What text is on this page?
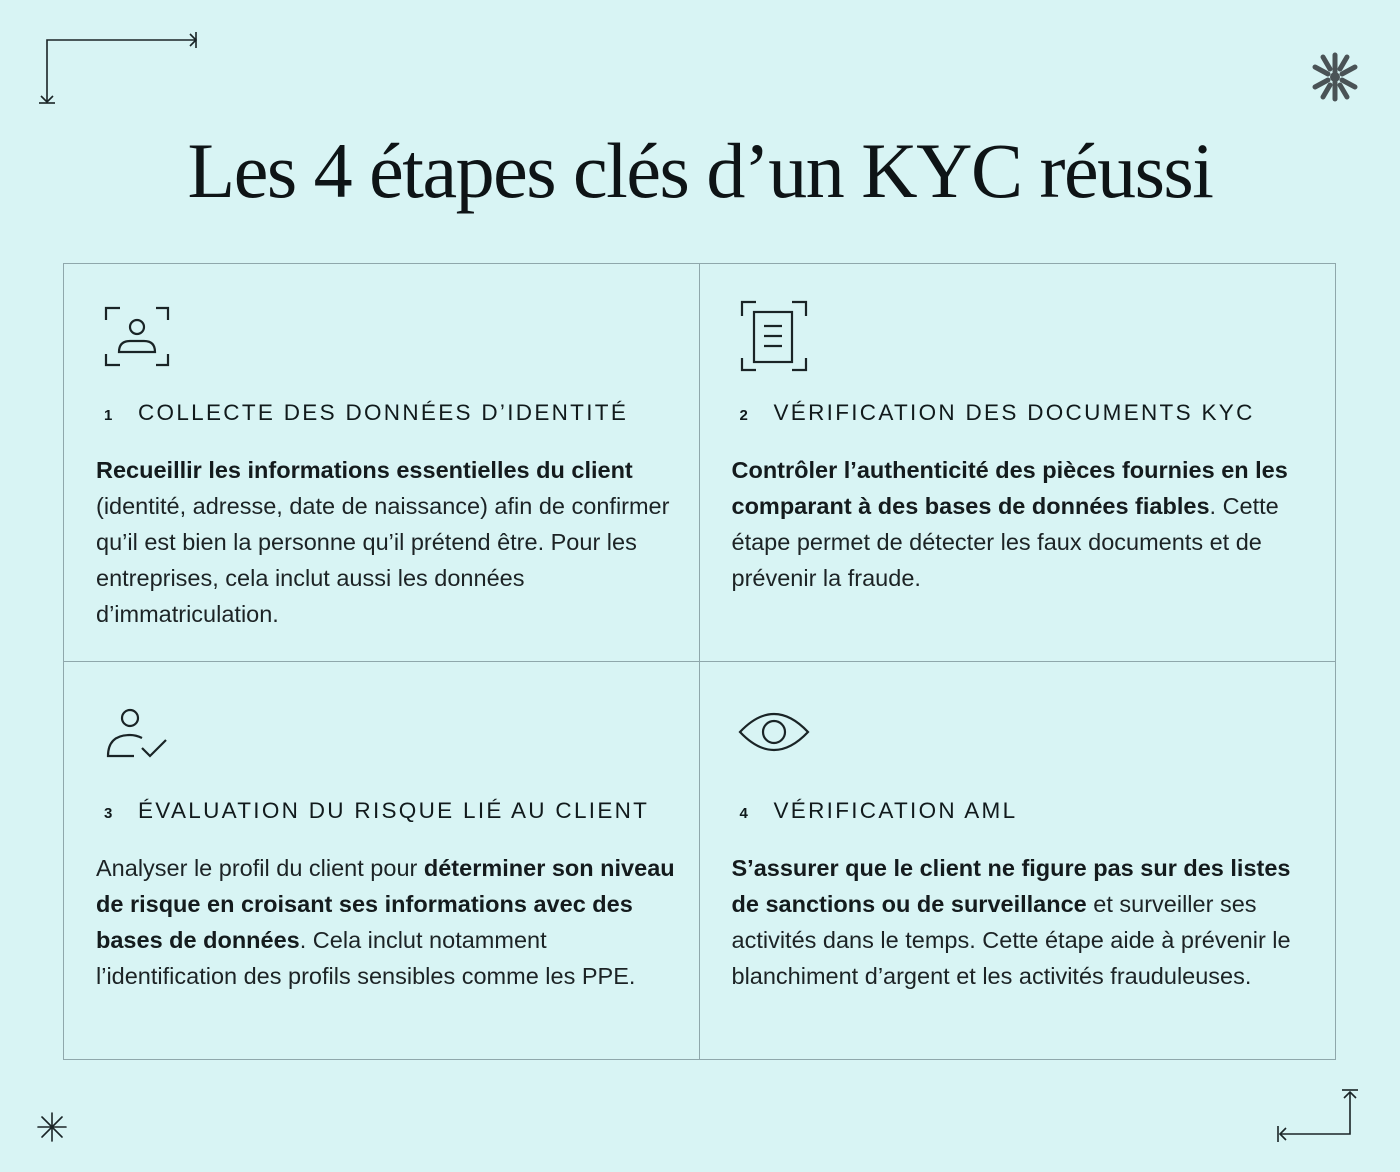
Les 4 étapes clés d’un KYC réussi
1	COLLECTE DES DONNÉES D’IDENTITÉ

Recueillir les informations essentielles du client (identité, adresse, date de naissance) afin de confirmer qu’il est bien la personne qu’il prétend être. Pour les entreprises, cela inclut aussi les données d’immatriculation.

2	VÉRIFICATION DES DOCUMENTS KYC

Contrôler l’authenticité des pièces fournies en les comparant à des bases de données fiables. Cette étape permet de détecter les faux documents et de prévenir la fraude.

3	ÉVALUATION DU RISQUE LIÉ AU CLIENT

Analyser le profil du client pour déterminer son niveau de risque en croisant ses informations avec des bases de données. Cela inclut notamment l’identification des profils sensibles comme les PPE.

4	VÉRIFICATION AML

S’assurer que le client ne figure pas sur des listes de sanctions ou de surveillance et surveiller ses activités dans le temps. Cette étape aide à prévenir le blanchiment d’argent et les activités frauduleuses.
